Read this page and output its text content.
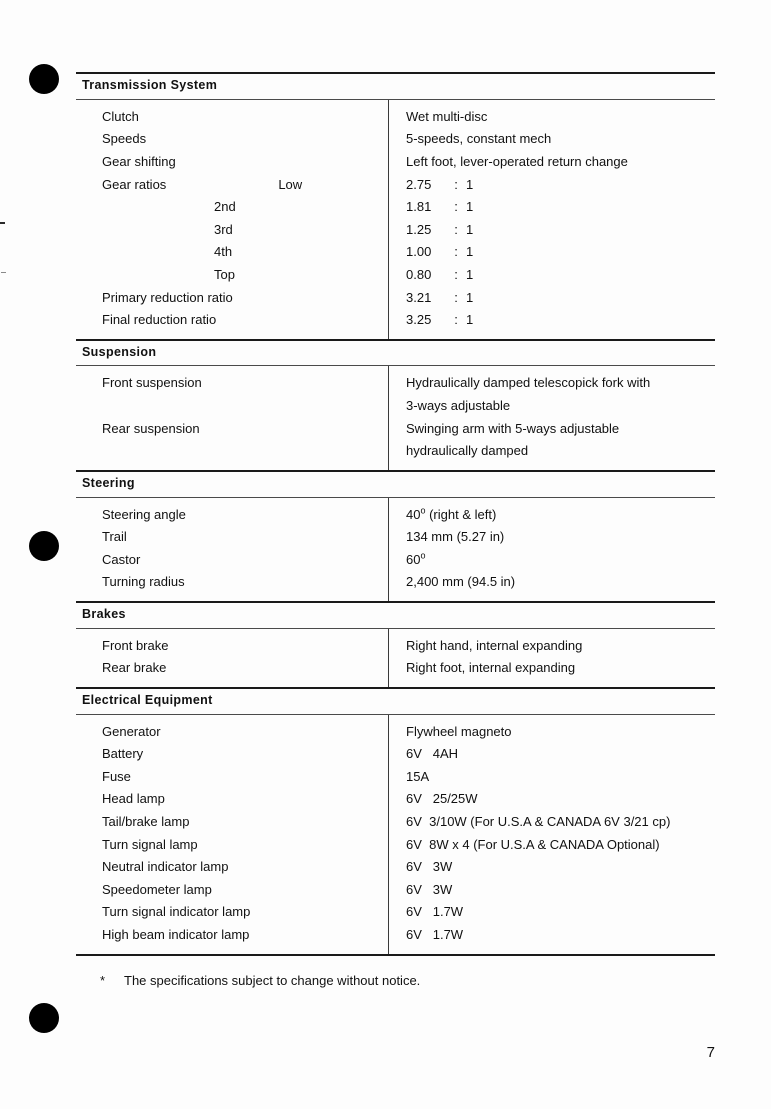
Transmission System
Clutch	Wet multi-disc
Speeds	5-speeds, constant mech
Gear shifting	Left foot, lever-operated return change
Gear ratios	Low	2.75 : 1
2nd	1.81 : 1
3rd	1.25 : 1
4th	1.00 : 1
Top	0.80 : 1
Primary reduction ratio	3.21 : 1
Final reduction ratio	3.25 : 1
Suspension
Front suspension	Hydraulically damped telescopick fork with
3-ways adjustable
Rear suspension	Swinging arm with 5-ways adjustable
hydraulically damped
Steering
Steering angle	40$^o$ (right & left)
Trail	134 mm (5.27 in)
Castor	60$^o$
Turning radius	2,400 mm (94.5 in)
Brakes
Front brake	Right hand, internal expanding
Rear brake	Right foot, internal expanding
Electrical Equipment
Generator	Flywheel magneto
Battery	6V   4AH
Fuse	15A
Head lamp	6V   25/25W
Tail/brake lamp	6V  3/10W (For U.S.A & CANADA 6V 3/21 cp)
Turn signal lamp	6V  8W x 4 (For U.S.A & CANADA Optional)
Neutral indicator lamp	6V   3W
Speedometer lamp	6V   3W
Turn signal indicator lamp	6V   1.7W
High beam indicator lamp	6V   1.7W
*	The specifications subject to change without notice.
7
